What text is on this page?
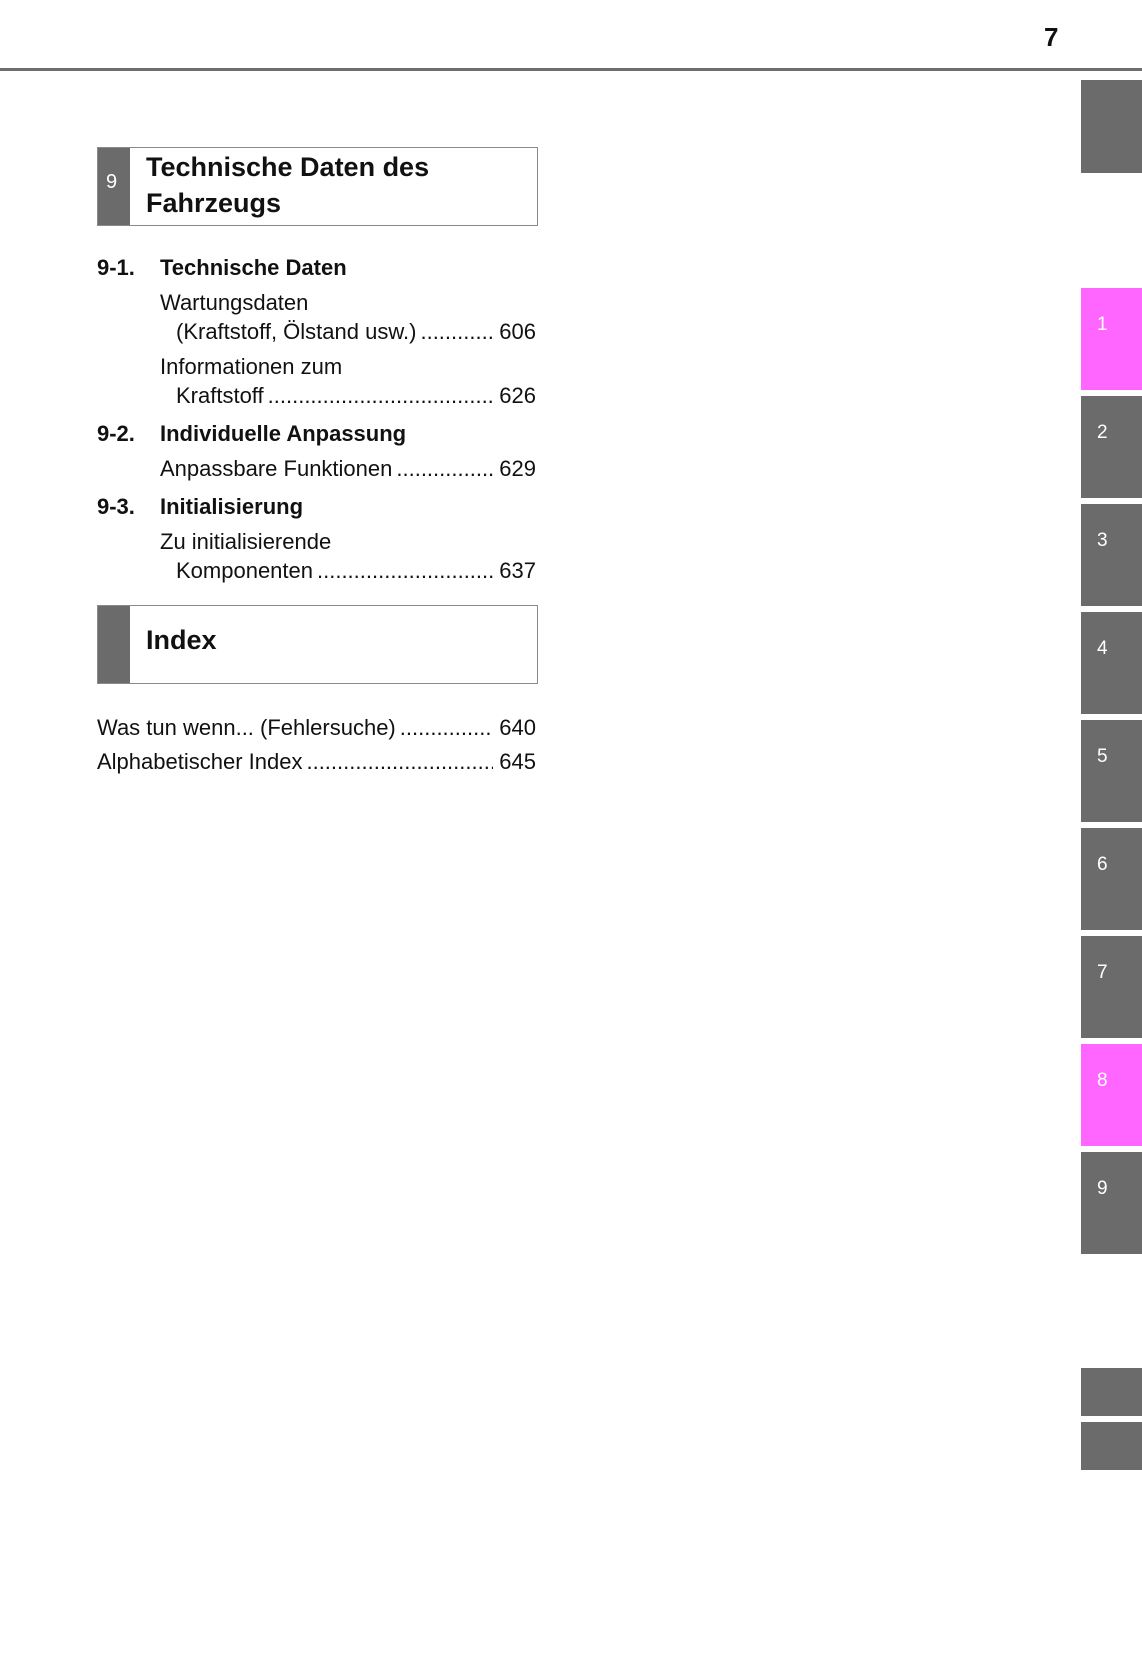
7
1
2
3
4
5
6
7
8
9
9 Technische Daten des
Fahrzeugs
9-1. Technische Daten
Wartungsdaten
(Kraftstoff, Ölstand usw.) .....	606
Informationen zum
Kraftstoff .....	626
9-2. Individuelle Anpassung
Anpassbare Funktionen .....	629
9-3. Initialisierung
Zu initialisierende
Komponenten .....	637
Index
Was tun wenn... (Fehlersuche) .....	640
Alphabetischer Index .....	645
